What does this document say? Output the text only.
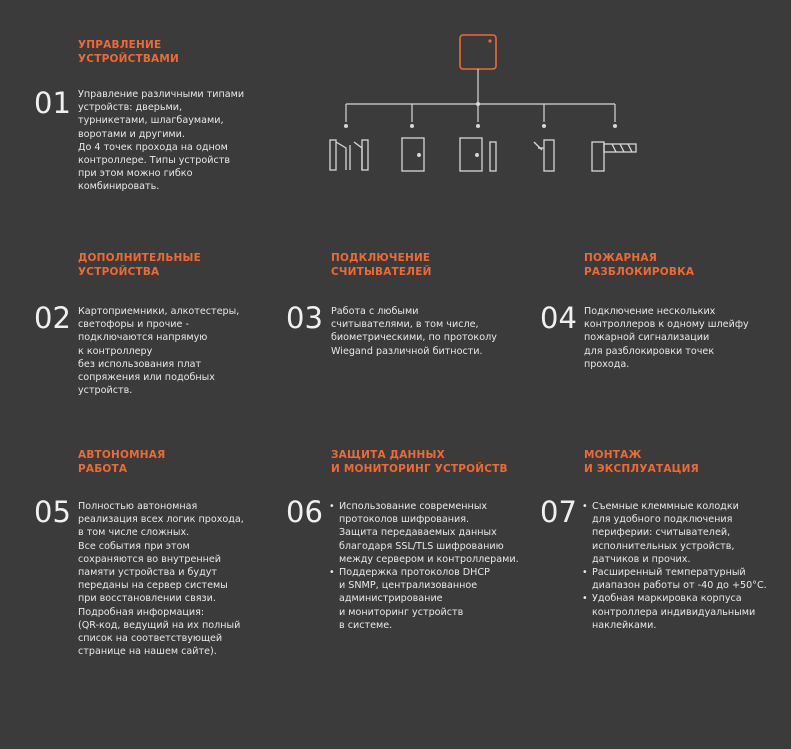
УПРАВЛЕНИЕ
УСТРОЙСТВАМИ
01 Управление различными типами
устройств: дверьми,
турникетами, шлагбаумами,
воротами и другими.
До 4 точек прохода на одном
контроллере. Типы устройств
при этом можно гибко
комбинировать.
ДОПОЛНИТЕЛЬНЫЕ
УСТРОЙСТВА
02 Картоприемники, алкотестеры,
светофоры и прочие -
подключаются напрямую
к контроллеру
без использования плат
сопряжения или подобных
устройств.
ПОДКЛЮЧЕНИЕ
СЧИТЫВАТЕЛЕЙ
03 Работа с любыми
считывателями, в том числе,
биометрическими, по протоколу
Wiegand различной битности.
ПОЖАРНАЯ
РАЗБЛОКИРОВКА
04 Подключение нескольких
контроллеров к одному шлейфу
пожарной сигнализации
для разблокировки точек
прохода.
АВТОНОМНАЯ
РАБОТА
05 Полностью автономная
реализация всех логик прохода,
в том числе сложных.
Все события при этом
сохраняются во внутренней
памяти устройства и будут
переданы на сервер системы
при восстановлении связи.
Подробная информация:
(QR-код, ведущий на их полный
список на соответствующей
странице на нашем сайте).
ЗАЩИТА ДАННЫХ
И МОНИТОРИНГ УСТРОЙСТВ
06	• Использование современных
протоколов шифрования.
Защита передаваемых данных
благодаря SSL/TLS шифрованию
между сервером и контроллерами.
• Поддержка протоколов DHCP
и SNMP, централизованное
администрирование
и мониторинг устройств
в системе.
МОНТАЖ
И ЭКСПЛУАТАЦИЯ
07	• Съемные клеммные колодки
для удобного подключения
периферии: считывателей,
исполнительных устройств,
датчиков и прочих.
• Расширенный температурный
диапазон работы от -40 до +50°C.
• Удобная маркировка корпуса
контроллера индивидуальными
наклейками.
